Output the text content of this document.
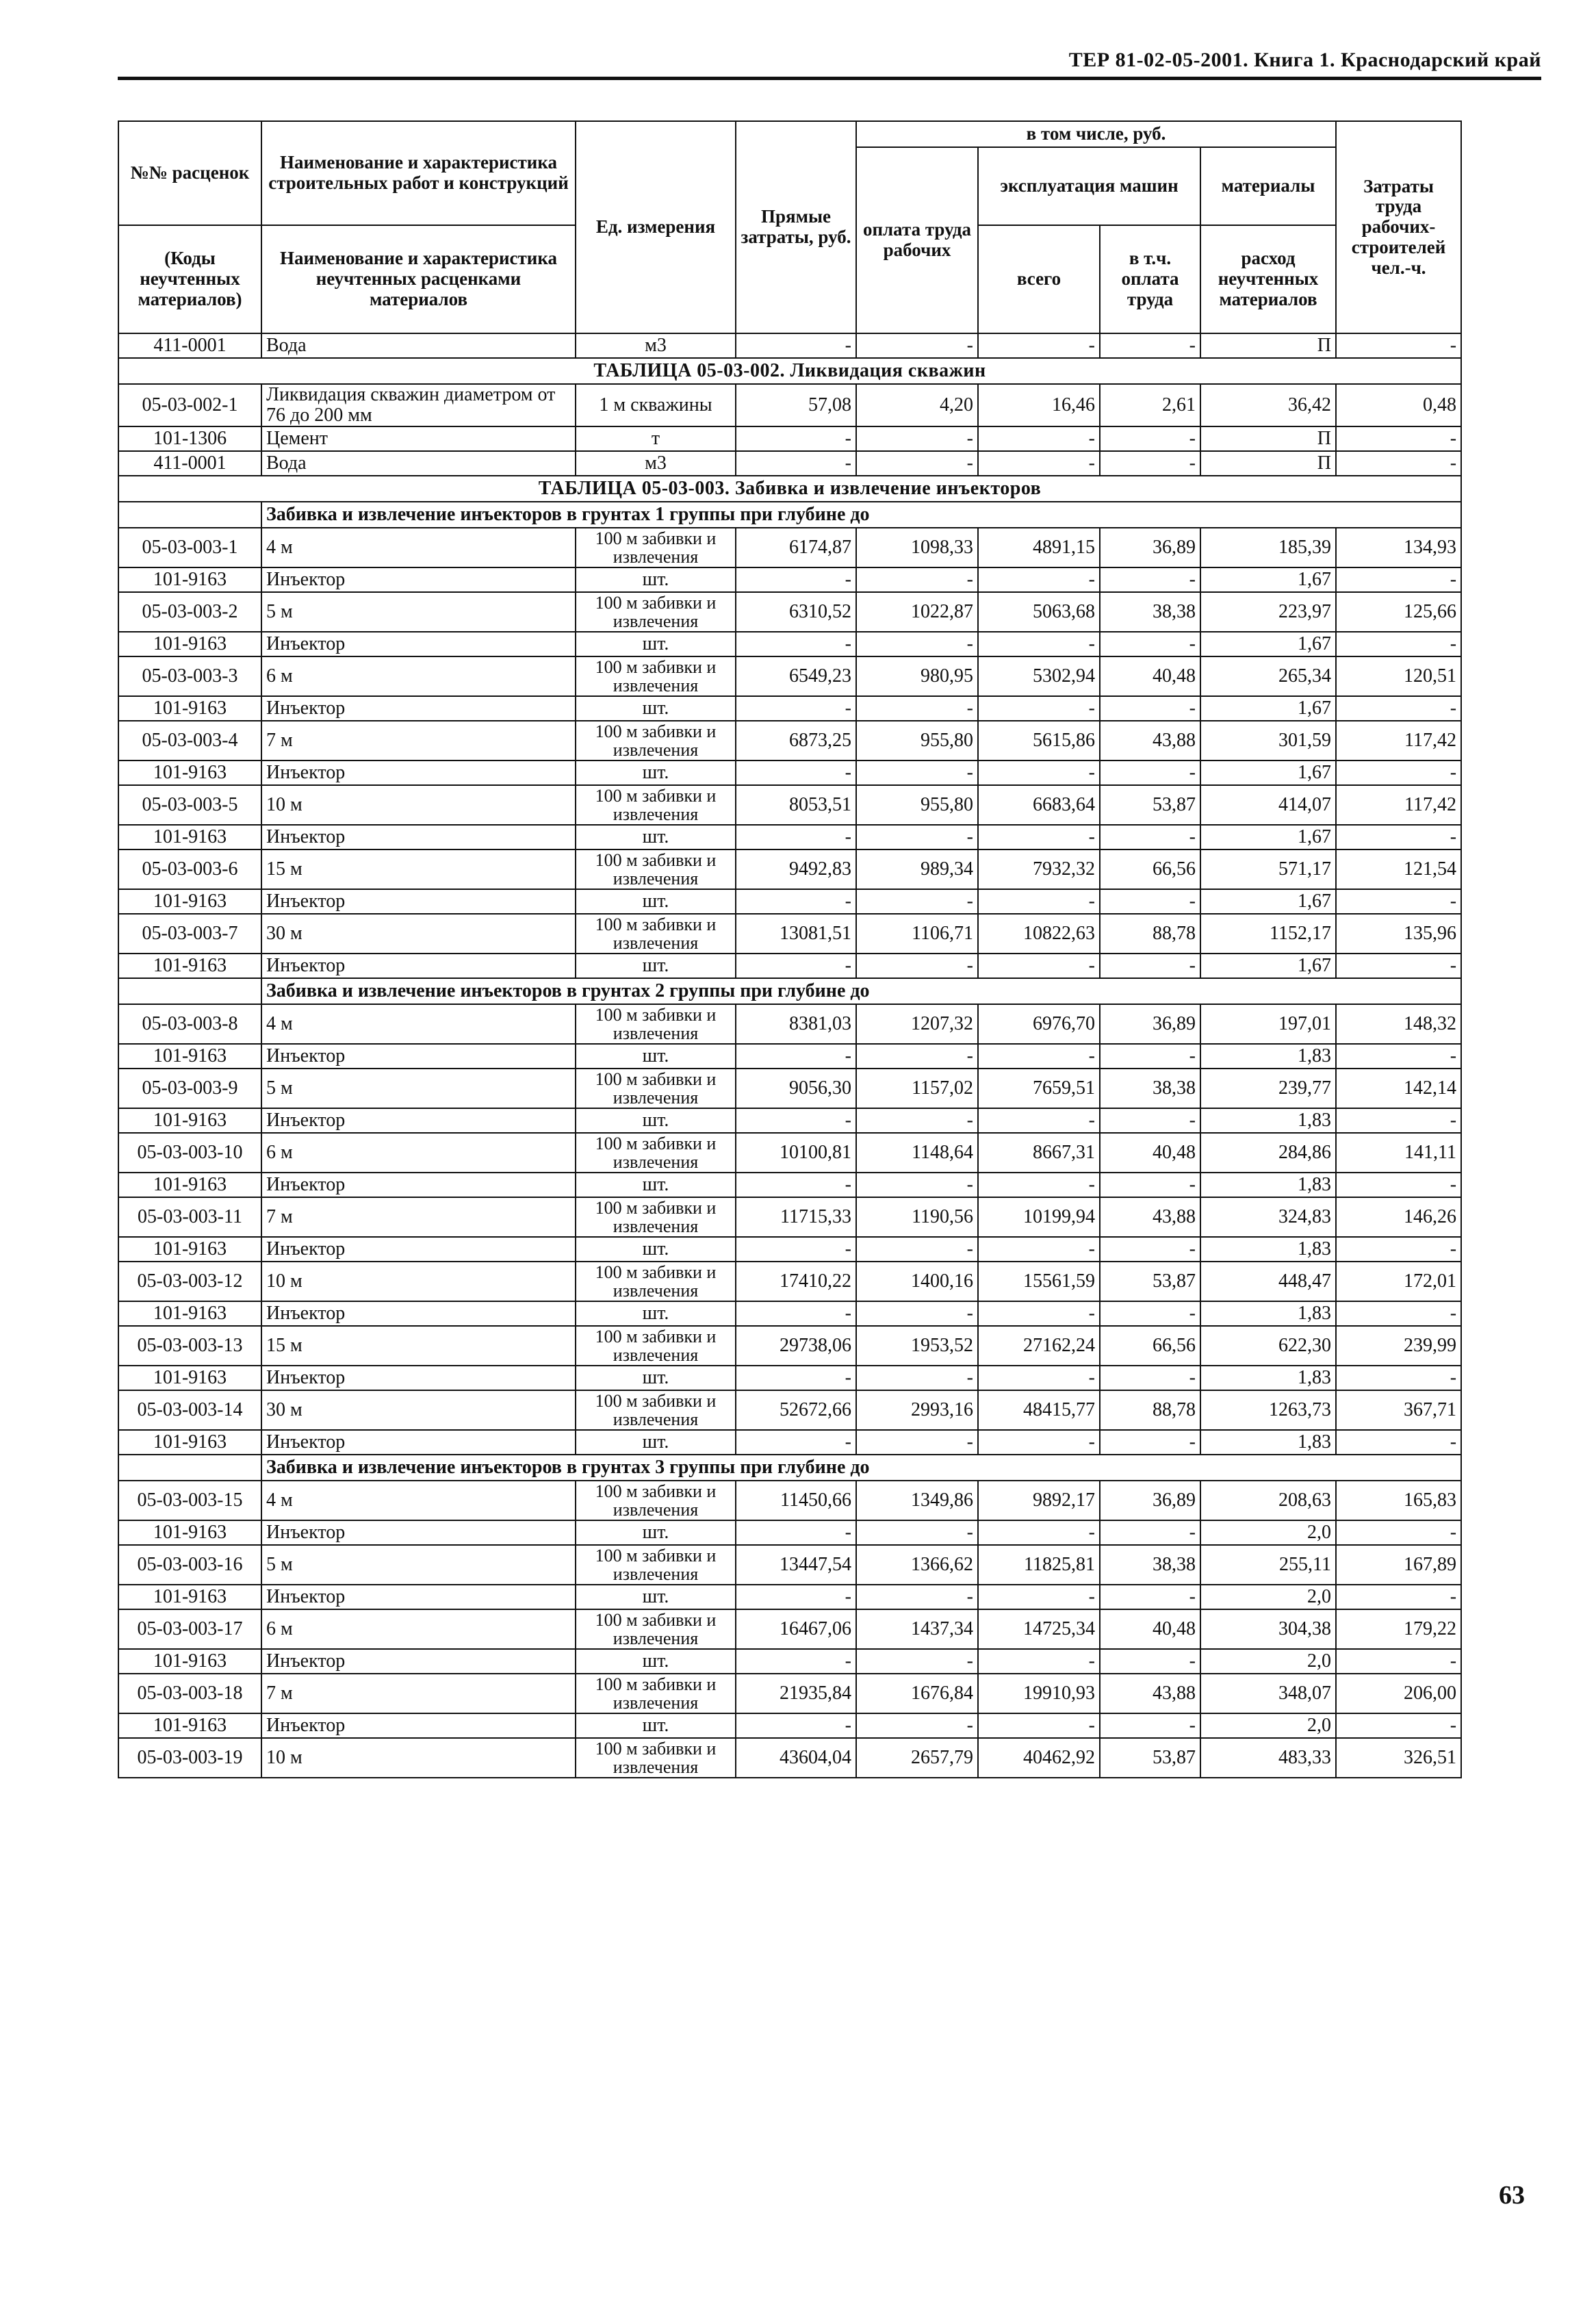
ТЕР 81-02-05-2001. Книга 1. Краснодарский край
№№ расценок	Наименование и характеристика строительных работ и конструкций	Ед. измерения	Прямые затраты, руб.	в том числе, руб.				Затраты труда рабочих-строителей чел.-ч.
				оплата труда рабочих	эксплуатация машин		материалы	
(Коды неучтенных материалов)	Наименование и характеристика неучтенных расценками материалов				всего	в т.ч. оплата труда	расход неучтенных материалов	
411-0001	Вода	м3	-	-	-	-	П	-
ТАБЛИЦА 05-03-002. Ликвидация скважин								
05-03-002-1	Ликвидация скважин диаметром от 76 до 200 мм	1 м скважины	57,08	4,20	16,46	2,61	36,42	0,48
101-1306	Цемент	т	-	-	-	-	П	-
411-0001	Вода	м3	-	-	-	-	П	-
ТАБЛИЦА 05-03-003. Забивка и извлечение инъекторов								
	Забивка и извлечение инъекторов в грунтах 1 группы при глубине до							
05-03-003-1	4 м	100 м забивки и извлечения	6174,87	1098,33	4891,15	36,89	185,39	134,93
101-9163	Инъектор	шт.	-	-	-	-	1,67	-
05-03-003-2	5 м	100 м забивки и извлечения	6310,52	1022,87	5063,68	38,38	223,97	125,66
101-9163	Инъектор	шт.	-	-	-	-	1,67	-
05-03-003-3	6 м	100 м забивки и извлечения	6549,23	980,95	5302,94	40,48	265,34	120,51
101-9163	Инъектор	шт.	-	-	-	-	1,67	-
05-03-003-4	7 м	100 м забивки и извлечения	6873,25	955,80	5615,86	43,88	301,59	117,42
101-9163	Инъектор	шт.	-	-	-	-	1,67	-
05-03-003-5	10 м	100 м забивки и извлечения	8053,51	955,80	6683,64	53,87	414,07	117,42
101-9163	Инъектор	шт.	-	-	-	-	1,67	-
05-03-003-6	15 м	100 м забивки и извлечения	9492,83	989,34	7932,32	66,56	571,17	121,54
101-9163	Инъектор	шт.	-	-	-	-	1,67	-
05-03-003-7	30 м	100 м забивки и извлечения	13081,51	1106,71	10822,63	88,78	1152,17	135,96
101-9163	Инъектор	шт.	-	-	-	-	1,67	-
	Забивка и извлечение инъекторов в грунтах 2 группы при глубине до							
05-03-003-8	4 м	100 м забивки и извлечения	8381,03	1207,32	6976,70	36,89	197,01	148,32
101-9163	Инъектор	шт.	-	-	-	-	1,83	-
05-03-003-9	5 м	100 м забивки и извлечения	9056,30	1157,02	7659,51	38,38	239,77	142,14
101-9163	Инъектор	шт.	-	-	-	-	1,83	-
05-03-003-10	6 м	100 м забивки и извлечения	10100,81	1148,64	8667,31	40,48	284,86	141,11
101-9163	Инъектор	шт.	-	-	-	-	1,83	-
05-03-003-11	7 м	100 м забивки и извлечения	11715,33	1190,56	10199,94	43,88	324,83	146,26
101-9163	Инъектор	шт.	-	-	-	-	1,83	-
05-03-003-12	10 м	100 м забивки и извлечения	17410,22	1400,16	15561,59	53,87	448,47	172,01
101-9163	Инъектор	шт.	-	-	-	-	1,83	-
05-03-003-13	15 м	100 м забивки и извлечения	29738,06	1953,52	27162,24	66,56	622,30	239,99
101-9163	Инъектор	шт.	-	-	-	-	1,83	-
05-03-003-14	30 м	100 м забивки и извлечения	52672,66	2993,16	48415,77	88,78	1263,73	367,71
101-9163	Инъектор	шт.	-	-	-	-	1,83	-
	Забивка и извлечение инъекторов в грунтах 3 группы при глубине до							
05-03-003-15	4 м	100 м забивки и извлечения	11450,66	1349,86	9892,17	36,89	208,63	165,83
101-9163	Инъектор	шт.	-	-	-	-	2,0	-
05-03-003-16	5 м	100 м забивки и извлечения	13447,54	1366,62	11825,81	38,38	255,11	167,89
101-9163	Инъектор	шт.	-	-	-	-	2,0	-
05-03-003-17	6 м	100 м забивки и извлечения	16467,06	1437,34	14725,34	40,48	304,38	179,22
101-9163	Инъектор	шт.	-	-	-	-	2,0	-
05-03-003-18	7 м	100 м забивки и извлечения	21935,84	1676,84	19910,93	43,88	348,07	206,00
101-9163	Инъектор	шт.	-	-	-	-	2,0	-
05-03-003-19	10 м	100 м забивки и извлечения	43604,04	2657,79	40462,92	53,87	483,33	326,51
63
